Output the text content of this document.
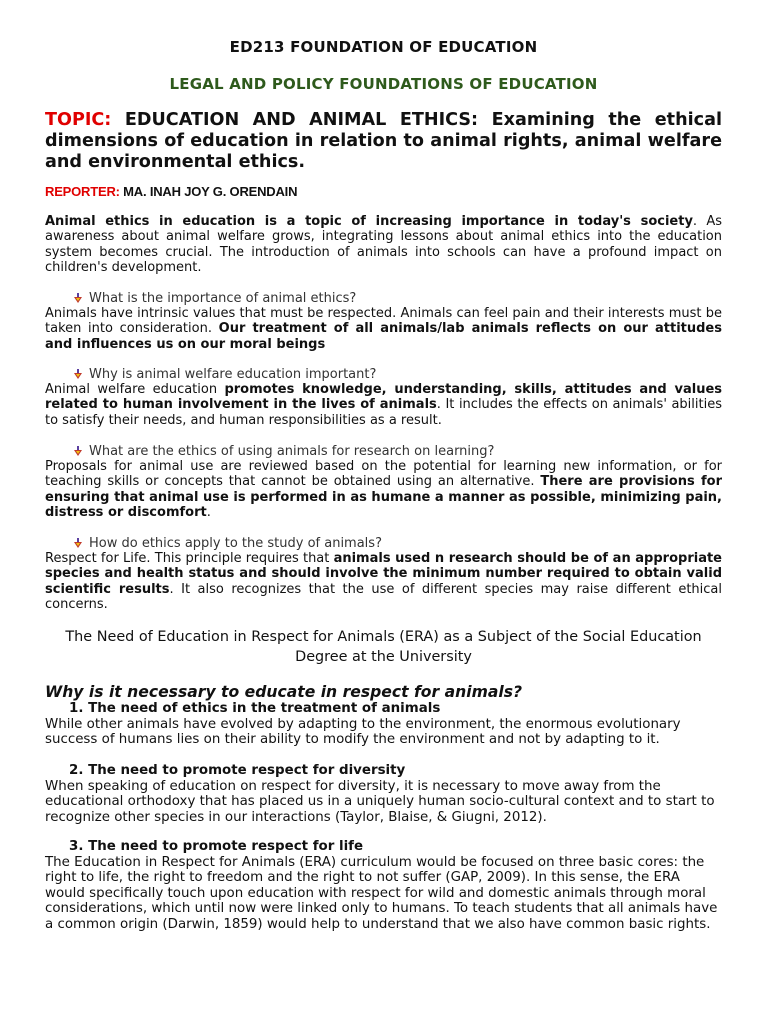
ED213 FOUNDATION OF EDUCATION
LEGAL AND POLICY FOUNDATIONS OF EDUCATION
TOPIC: EDUCATION AND ANIMAL ETHICS: Examining the ethical dimensions of education in relation to animal rights, animal welfare and environmental ethics.
REPORTER: MA. INAH JOY G. ORENDAIN
Animal ethics in education is a topic of increasing importance in today's society. As awareness about animal welfare grows, integrating lessons about animal ethics into the education system becomes crucial. The introduction of animals into schools can have a profound impact on children's development.
What is the importance of animal ethics?
Animals have intrinsic values that must be respected. Animals can feel pain and their interests must be taken into consideration. Our treatment of all animals/lab animals reflects on our attitudes and influences us on our moral beings
Why is animal welfare education important?
Animal welfare education promotes knowledge, understanding, skills, attitudes and values related to human involvement in the lives of animals. It includes the effects on animals' abilities to satisfy their needs, and human responsibilities as a result.
What are the ethics of using animals for research on learning?
Proposals for animal use are reviewed based on the potential for learning new information, or for teaching skills or concepts that cannot be obtained using an alternative. There are provisions for ensuring that animal use is performed in as humane a manner as possible, minimizing pain, distress or discomfort.
How do ethics apply to the study of animals?
Respect for Life. This principle requires that animals used n research should be of an appropriate species and health status and should involve the minimum number required to obtain valid scientific results. It also recognizes that the use of different species may raise different ethical concerns.
The Need of Education in Respect for Animals (ERA) as a Subject of the Social Education Degree at the University
Why is it necessary to educate in respect for animals?
1. The need of ethics in the treatment of animals
While other animals have evolved by adapting to the environment, the enormous evolutionary success of humans lies on their ability to modify the environment and not by adapting to it.
2. The need to promote respect for diversity
When speaking of education on respect for diversity, it is necessary to move away from the educational orthodoxy that has placed us in a uniquely human socio-cultural context and to start to recognize other species in our interactions (Taylor, Blaise, & Giugni, 2012).
3. The need to promote respect for life
The Education in Respect for Animals (ERA) curriculum would be focused on three basic cores: the right to life, the right to freedom and the right to not suffer (GAP, 2009). In this sense, the ERA would specifically touch upon education with respect for wild and domestic animals through moral considerations, which until now were linked only to humans. To teach students that all animals have a common origin (Darwin, 1859) would help to understand that we also have common basic rights.
